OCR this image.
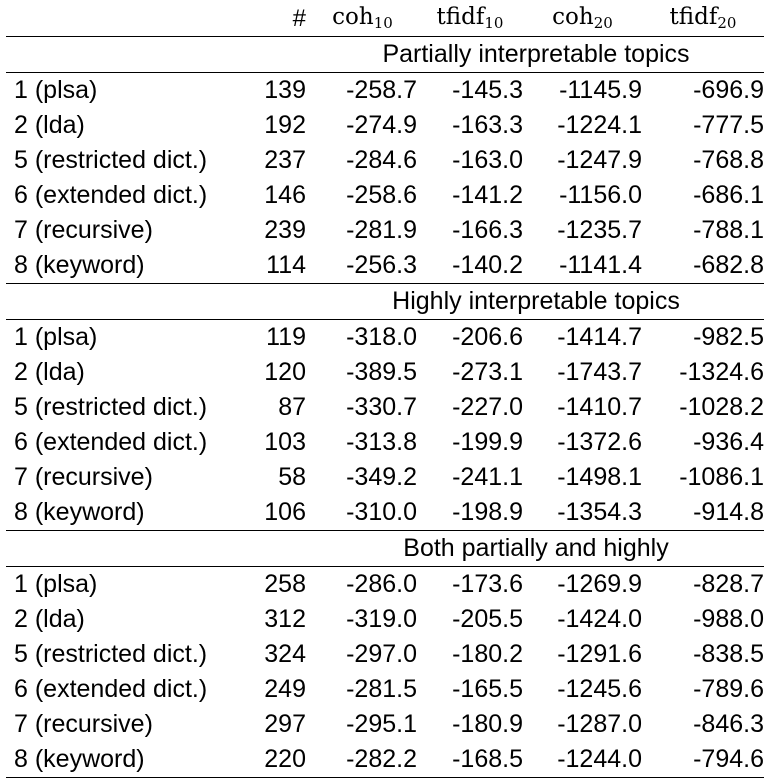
	#	coh$_{10}$	tfidf$_{10}$	coh$_{20}$	tfidf$_{20}$
		Partially interpretable topics			
1 (plsa)	139	-258.7	-145.3	-1145.9	-696.9
2 (lda)	192	-274.9	-163.3	-1224.1	-777.5
5 (restricted dict.)	237	-284.6	-163.0	-1247.9	-768.8
6 (extended dict.)	146	-258.6	-141.2	-1156.0	-686.1
7 (recursive)	239	-281.9	-166.3	-1235.7	-788.1
8 (keyword)	114	-256.3	-140.2	-1141.4	-682.8
		Highly interpretable topics			
1 (plsa)	119	-318.0	-206.6	-1414.7	-982.5
2 (lda)	120	-389.5	-273.1	-1743.7	-1324.6
5 (restricted dict.)	87	-330.7	-227.0	-1410.7	-1028.2
6 (extended dict.)	103	-313.8	-199.9	-1372.6	-936.4
7 (recursive)	58	-349.2	-241.1	-1498.1	-1086.1
8 (keyword)	106	-310.0	-198.9	-1354.3	-914.8
		Both partially and highly			
1 (plsa)	258	-286.0	-173.6	-1269.9	-828.7
2 (lda)	312	-319.0	-205.5	-1424.0	-988.0
5 (restricted dict.)	324	-297.0	-180.2	-1291.6	-838.5
6 (extended dict.)	249	-281.5	-165.5	-1245.6	-789.6
7 (recursive)	297	-295.1	-180.9	-1287.0	-846.3
8 (keyword)	220	-282.2	-168.5	-1244.0	-794.6
